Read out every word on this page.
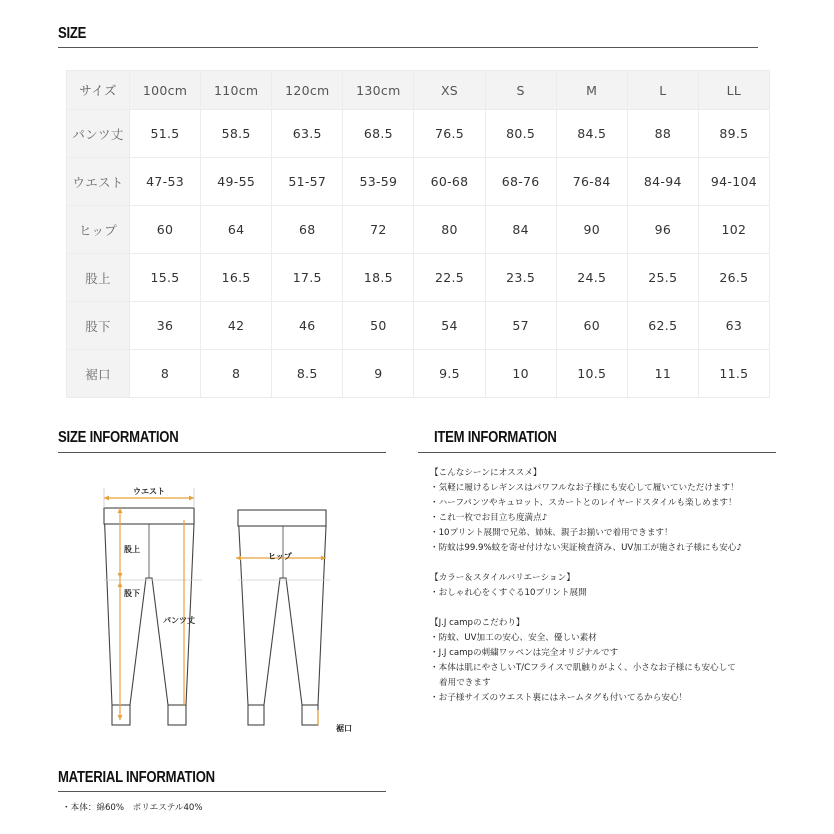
SIZE
サイズ	100cm	110cm	120cm	130cm	XS	S	M	L	LL
パンツ丈	51.5	58.5	63.5	68.5	76.5	80.5	84.5	88	89.5
ウエスト	47-53	49-55	51-57	53-59	60-68	68-76	76-84	84-94	94-104
ヒップ	60	64	68	72	80	84	90	96	102
股上	15.5	16.5	17.5	18.5	22.5	23.5	24.5	25.5	26.5
股下	36	42	46	50	54	57	60	62.5	63
裾口	8	8	8.5	9	9.5	10	10.5	11	11.5
SIZE INFORMATION
ウエスト
股上
股下
パンツ丈
ヒップ
裾口
ITEM INFORMATION
【こんなシーンにオススメ】
・気軽に履けるレギンスはパワフルなお子様にも安心して履いていただけます！
・ハーフパンツやキュロット、スカートとのレイヤードスタイルも楽しめます！
・これ一枚でお目立ち度満点♪
・10プリント展開で兄弟、姉妹、親子お揃いで着用できます！
・防蚊は99.9%蚊を寄せ付けない実証検査済み、UV加工が施され子様にも安心♪
【カラー＆スタイルバリエーション】
・おしゃれ心をくすぐる10プリント展開
【J.J campのこだわり】
・防蚊、UV加工の安心、安全、優しい素材
・J.J campの刺繍ワッペンは完全オリジナルです
・本体は肌にやさしいT/Cフライスで肌触りがよく、小さなお子様にも安心して
着用できます
・お子様サイズのウエスト裏にはネームタグも付いてるから安心！
MATERIAL INFORMATION
・本体：綿60%　ポリエステル40%
